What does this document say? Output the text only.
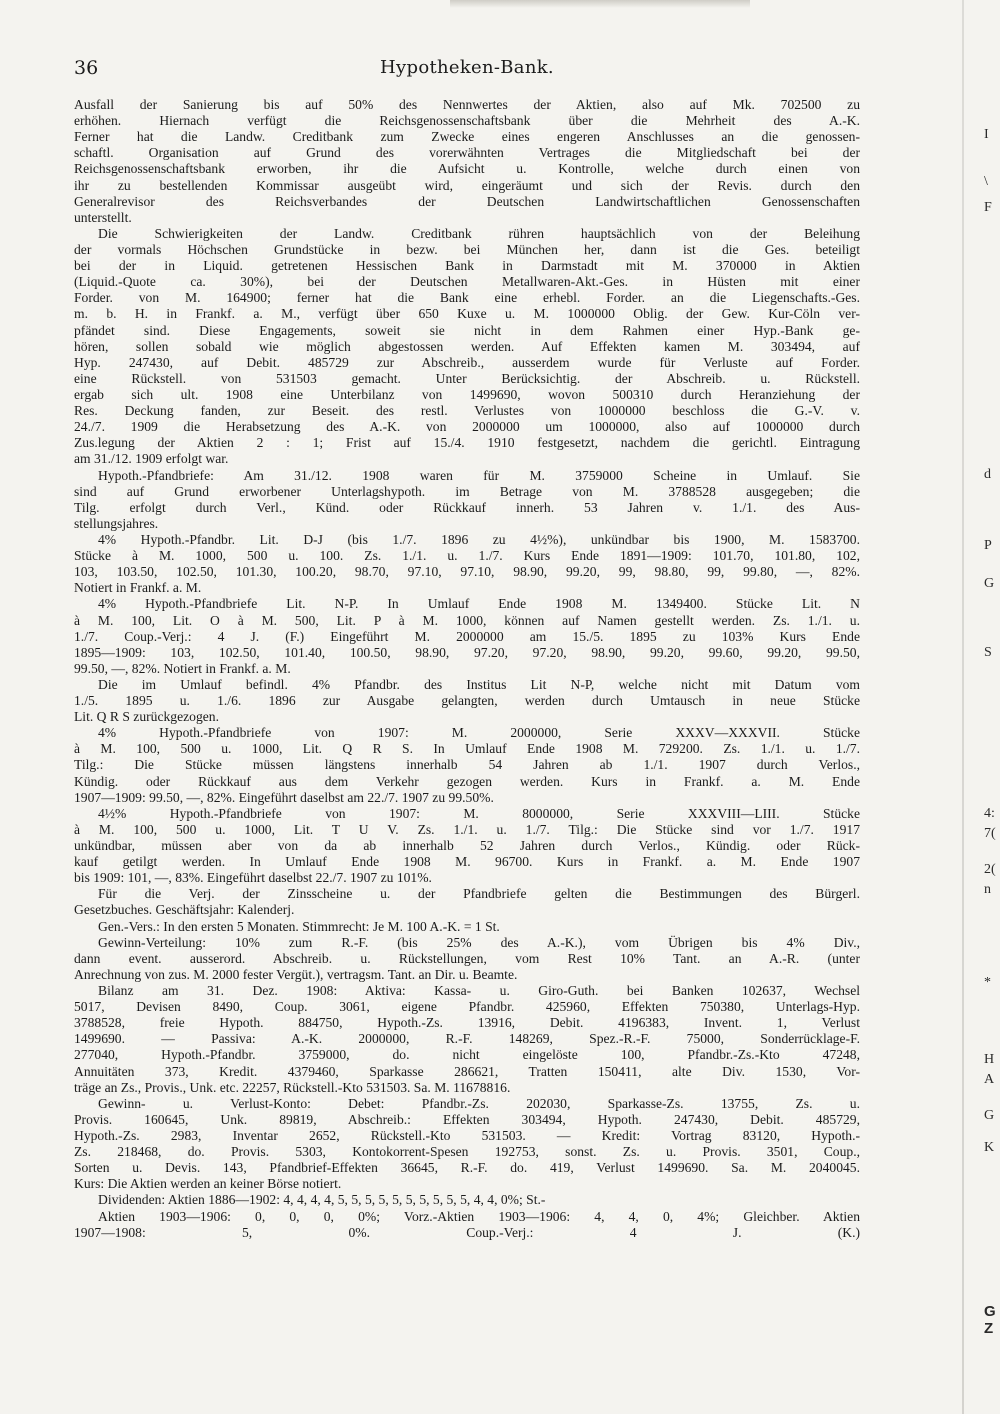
Hypotheken-Bank.
36
Ausfall der Sanierung bis auf 50% des Nennwertes der Aktien, also auf Mk. 702500 zu
erhöhen. Hiernach verfügt die Reichsgenossenschaftsbank über die Mehrheit des A.-K.
Ferner hat die Landw. Creditbank zum Zwecke eines engeren Anschlusses an die genossen-
schaftl. Organisation auf Grund des vorerwähnten Vertrages die Mitgliedschaft bei der
Reichsgenossenschaftsbank erworben, ihr die Aufsicht u. Kontrolle, welche durch einen von
ihr zu bestellenden Kommissar ausgeübt wird, eingeräumt und sich der Revis. durch den
Generalrevisor des Reichsverbandes der Deutschen Landwirtschaftlichen Genossenschaften
unterstellt.
Die Schwierigkeiten der Landw. Creditbank rühren hauptsächlich von der Beleihung
der vormals Höchschen Grundstücke in bezw. bei München her, dann ist die Ges. beteiligt
bei der in Liquid. getretenen Hessischen Bank in Darmstadt mit M. 370000 in Aktien
(Liquid.-Quote ca. 30%), bei der Deutschen Metallwaren-Akt.-Ges. in Hüsten mit einer
Forder. von M. 164900; ferner hat die Bank eine erhebl. Forder. an die Liegenschafts.-Ges.
m. b. H. in Frankf. a. M., verfügt über 650 Kuxe u. M. 1000000 Oblig. der Gew. Kur-Cöln ver-
pfändet sind. Diese Engagements, soweit sie nicht in dem Rahmen einer Hyp.-Bank ge-
hören, sollen sobald wie möglich abgestossen werden. Auf Effekten kamen M. 303494, auf
Hyp. 247430, auf Debit. 485729 zur Abschreib., ausserdem wurde für Verluste auf Forder.
eine Rückstell. von 531503 gemacht. Unter Berücksichtig. der Abschreib. u. Rückstell.
ergab sich ult. 1908 eine Unterbilanz von 1499690, wovon 500310 durch Heranziehung der
Res. Deckung fanden, zur Beseit. des restl. Verlustes von 1000000 beschloss die G.-V. v.
24./7. 1909 die Herabsetzung des A.-K. von 2000000 um 1000000, also auf 1000000 durch
Zus.legung der Aktien 2 : 1; Frist auf 15./4. 1910 festgesetzt, nachdem die gerichtl. Eintragung
am 31./12. 1909 erfolgt war.
Hypoth.-Pfandbriefe: Am 31./12. 1908 waren für M. 3759000 Scheine in Umlauf. Sie
sind auf Grund erworbener Unterlagshypoth. im Betrage von M. 3788528 ausgegeben; die
Tilg. erfolgt durch Verl., Künd. oder Rückkauf innerh. 53 Jahren v. 1./1. des Aus-
stellungsjahres.
4% Hypoth.-Pfandbr. Lit. D-J (bis 1./7. 1896 zu 4½%), unkündbar bis 1900, M. 1583700.
Stücke à M. 1000, 500 u. 100. Zs. 1./1. u. 1./7. Kurs Ende 1891—1909: 101.70, 101.80, 102,
103, 103.50, 102.50, 101.30, 100.20, 98.70, 97.10, 97.10, 98.90, 99.20, 99, 98.80, 99, 99.80, —, 82%.
Notiert in Frankf. a. M.
4% Hypoth.-Pfandbriefe Lit. N-P. In Umlauf Ende 1908 M. 1349400. Stücke Lit. N
à M. 100, Lit. O à M. 500, Lit. P à M. 1000, können auf Namen gestellt werden. Zs. 1./1. u.
1./7. Coup.-Verj.: 4 J. (F.) Eingeführt M. 2000000 am 15./5. 1895 zu 103% Kurs Ende
1895—1909: 103, 102.50, 101.40, 100.50, 98.90, 97.20, 97.20, 98.90, 99.20, 99.60, 99.20, 99.50,
99.50, —, 82%. Notiert in Frankf. a. M.
Die im Umlauf befindl. 4% Pfandbr. des Institus Lit N-P, welche nicht mit Datum vom
1./5. 1895 u. 1./6. 1896 zur Ausgabe gelangten, werden durch Umtausch in neue Stücke
Lit. Q R S zurückgezogen.
4% Hypoth.-Pfandbriefe von 1907: M. 2000000, Serie XXXV—XXXVII. Stücke
à M. 100, 500 u. 1000, Lit. Q R S. In Umlauf Ende 1908 M. 729200. Zs. 1./1. u. 1./7.
Tilg.: Die Stücke müssen längstens innerhalb 54 Jahren ab 1./1. 1907 durch Verlos.,
Kündig. oder Rückkauf aus dem Verkehr gezogen werden. Kurs in Frankf. a. M. Ende
1907—1909: 99.50, —, 82%. Eingeführt daselbst am 22./7. 1907 zu 99.50%.
4½% Hypoth.-Pfandbriefe von 1907: M. 8000000, Serie XXXVIII—LIII. Stücke
à M. 100, 500 u. 1000, Lit. T U V. Zs. 1./1. u. 1./7. Tilg.: Die Stücke sind vor 1./7. 1917
unkündbar, müssen aber von da ab innerhalb 52 Jahren durch Verlos., Kündig. oder Rück-
kauf getilgt werden. In Umlauf Ende 1908 M. 96700. Kurs in Frankf. a. M. Ende 1907
bis 1909: 101, —, 83%. Eingeführt daselbst 22./7. 1907 zu 101%.
Für die Verj. der Zinsscheine u. der Pfandbriefe gelten die Bestimmungen des Bürgerl.
Gesetzbuches. Geschäftsjahr: Kalenderj.
Gen.-Vers.: In den ersten 5 Monaten. Stimmrecht: Je M. 100 A.-K. = 1 St.
Gewinn-Verteilung: 10% zum R.-F. (bis 25% des A.-K.), vom Übrigen bis 4% Div.,
dann event. ausserord. Abschreib. u. Rückstellungen, vom Rest 10% Tant. an A.-R. (unter
Anrechnung von zus. M. 2000 fester Vergüt.), vertragsm. Tant. an Dir. u. Beamte.
Bilanz am 31. Dez. 1908: Aktiva: Kassa- u. Giro-Guth. bei Banken 102637, Wechsel
5017, Devisen 8490, Coup. 3061, eigene Pfandbr. 425960, Effekten 750380, Unterlags-Hyp.
3788528, freie Hypoth. 884750, Hypoth.-Zs. 13916, Debit. 4196383, Invent. 1, Verlust
1499690. — Passiva: A.-K. 2000000, R.-F. 148269, Spez.-R.-F. 75000, Sonderrücklage-F.
277040, Hypoth.-Pfandbr. 3759000, do. nicht eingelöste 100, Pfandbr.-Zs.-Kto 47248,
Annuitäten 373, Kredit. 4379460, Sparkasse 286621, Tratten 150411, alte Div. 1530, Vor-
träge an Zs., Provis., Unk. etc. 22257, Rückstell.-Kto 531503. Sa. M. 11678816.
Gewinn- u. Verlust-Konto: Debet: Pfandbr.-Zs. 202030, Sparkasse-Zs. 13755, Zs. u.
Provis. 160645, Unk. 89819, Abschreib.: Effekten 303494, Hypoth. 247430, Debit. 485729,
Hypoth.-Zs. 2983, Inventar 2652, Rückstell.-Kto 531503. — Kredit: Vortrag 83120, Hypoth.-
Zs. 218468, do. Provis. 5303, Kontokorrent-Spesen 192753, sonst. Zs. u. Provis. 3501, Coup.,
Sorten u. Devis. 143, Pfandbrief-Effekten 36645, R.-F. do. 419, Verlust 1499690. Sa. M. 2040045.
Kurs: Die Aktien werden an keiner Börse notiert.
Dividenden: Aktien 1886—1902: 4, 4, 4, 4, 5, 5, 5, 5, 5, 5, 5, 5, 5, 5, 4, 4, 0%; St.-
Aktien 1903—1906: 0, 0, 0, 0%; Vorz.-Aktien 1903—1906: 4, 4, 0, 4%; Gleichber. Aktien
1907—1908: 5, 0%. Coup.-Verj.: 4 J. (K.)
I
\
F
d
P
G
S
4:
7(
2(
n
*
H
A
G
K
G
Z
